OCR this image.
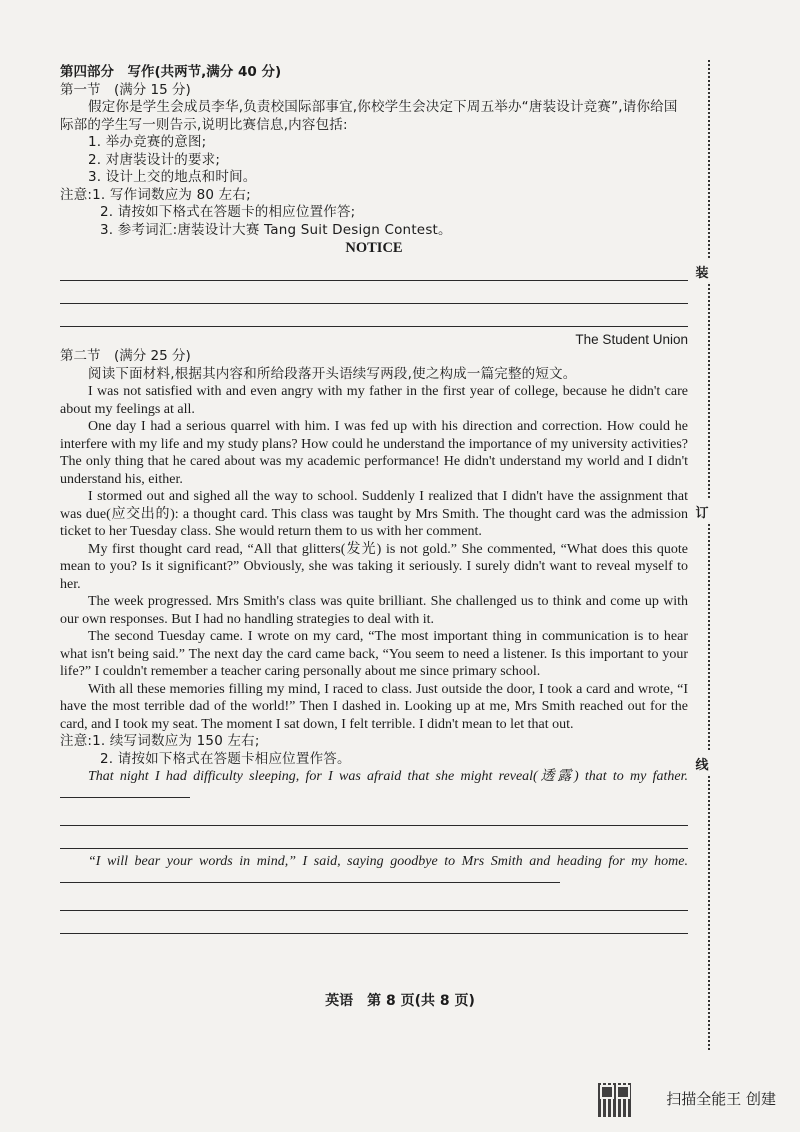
装
订
线
第四部分　写作(共两节,满分 40 分)
第一节　(满分 15 分)
假定你是学生会成员李华,负责校国际部事宜,你校学生会决定下周五举办“唐装设计竞赛”,请你给国际部的学生写一则告示,说明比赛信息,内容包括:
1. 举办竞赛的意图;
2. 对唐装设计的要求;
3. 设计上交的地点和时间。
注意:1. 写作词数应为 80 左右;
2. 请按如下格式在答题卡的相应位置作答;
3. 参考词汇:唐装设计大赛 Tang Suit Design Contest。
NOTICE
The Student Union
第二节　(满分 25 分)
阅读下面材料,根据其内容和所给段落开头语续写两段,使之构成一篇完整的短文。
I was not satisfied with and even angry with my father in the first year of college, because he didn't care about my feelings at all.
One day I had a serious quarrel with him. I was fed up with his direction and correction. How could he interfere with my life and my study plans? How could he understand the importance of my university activities? The only thing that he cared about was my academic performance! He didn't understand my world and I didn't understand his, either.
I stormed out and sighed all the way to school. Suddenly I realized that I didn't have the assignment that was due(应交出的): a thought card. This class was taught by Mrs Smith. The thought card was the admission ticket to her Tuesday class. She would return them to us with her comment.
My first thought card read, “All that glitters(发光) is not gold.” She commented, “What does this quote mean to you? Is it significant?” Obviously, she was taking it seriously. I surely didn't want to reveal myself to her.
The week progressed. Mrs Smith's class was quite brilliant. She challenged us to think and come up with our own responses. But I had no handling strategies to deal with it.
The second Tuesday came. I wrote on my card, “The most important thing in communication is to hear what isn't being said.” The next day the card came back, “You seem to need a listener. Is this important to your life?” I couldn't remember a teacher caring personally about me since primary school.
With all these memories filling my mind, I raced to class. Just outside the door, I took a card and wrote, “I have the most terrible dad of the world!” Then I dashed in. Looking up at me, Mrs Smith reached out for the card, and I took my seat. The moment I sat down, I felt terrible. I didn't mean to let that out.
注意:1. 续写词数应为 150 左右;
2. 请按如下格式在答题卡相应位置作答。
That night I had difficulty sleeping, for I was afraid that she might reveal(透露) that to my father.
“I will bear your words in mind,” I said, saying goodbye to Mrs Smith and heading for my home.
英语　第 8 页(共 8 页)
扫描全能王 创建
